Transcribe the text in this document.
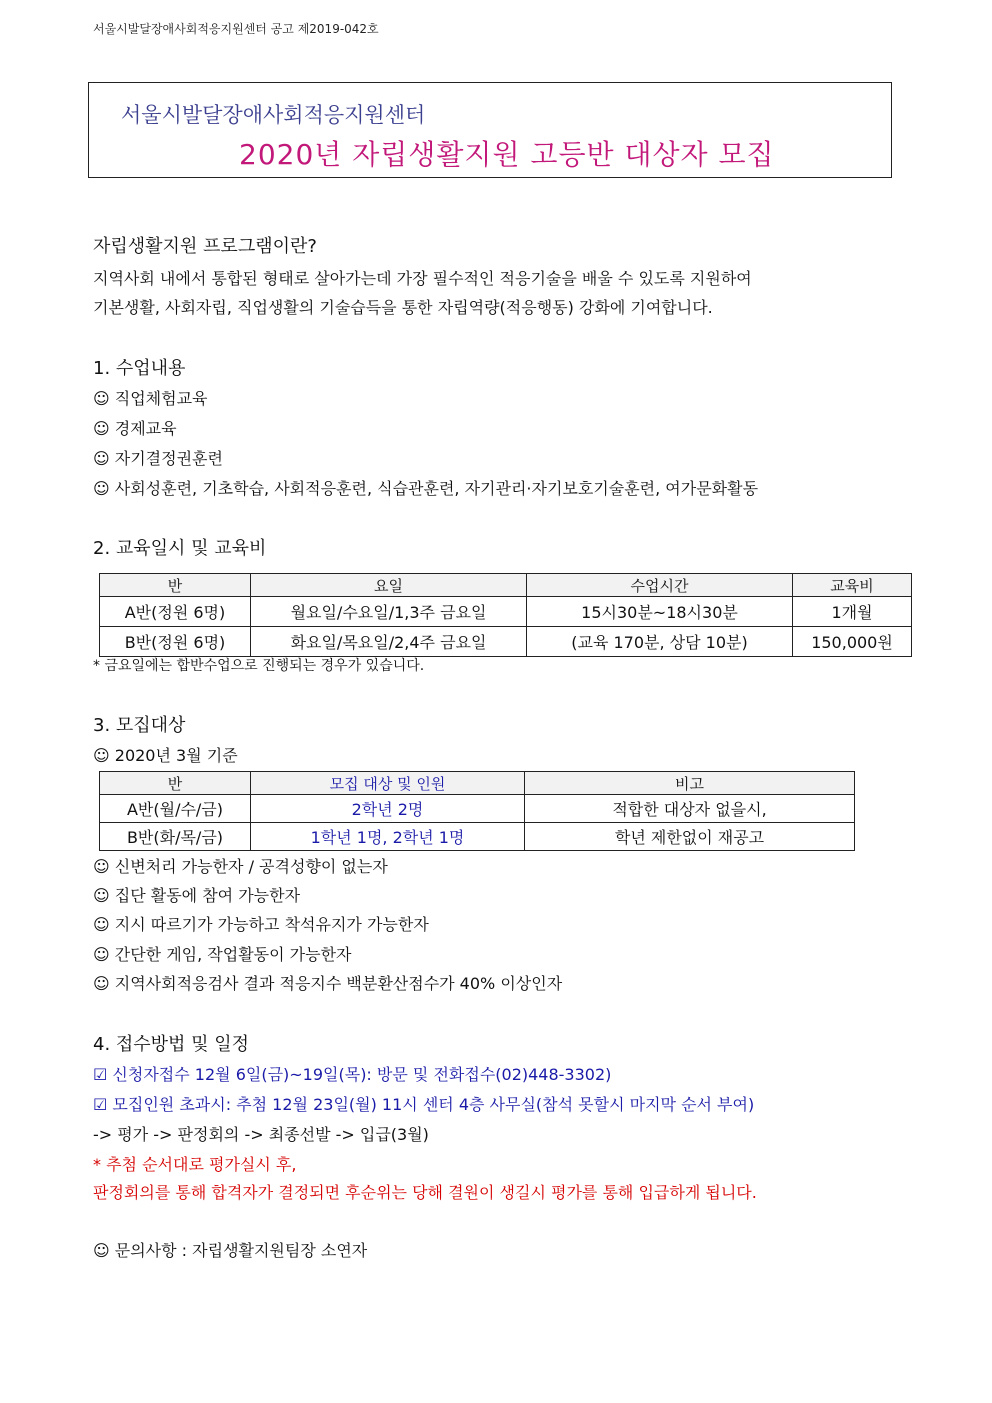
서울시발달장애사회적응지원센터 공고 제2019-042호
서울시발달장애사회적응지원센터
2020년 자립생활지원 고등반 대상자 모집
자립생활지원 프로그램이란?
지역사회 내에서 통합된 형태로 살아가는데 가장 필수적인 적응기술을 배울 수 있도록 지원하여
기본생활, 사회자립, 직업생활의 기술습득을 통한 자립역량(적응행동) 강화에 기여합니다.
1. 수업내용
☺ 직업체험교육
☺ 경제교육
☺ 자기결정권훈련
☺ 사회성훈련, 기초학습, 사회적응훈련, 식습관훈련, 자기관리·자기보호기술훈련, 여가문화활동
2. 교육일시 및 교육비
반	요일	수업시간	교육비
A반(정원 6명)	월요일/수요일/1,3주 금요일	15시30분~18시30분	1개월
B반(정원 6명)	화요일/목요일/2,4주 금요일	(교육 170분, 상담 10분)	150,000원
* 금요일에는 합반수업으로 진행되는 경우가 있습니다.
3. 모집대상
☺ 2020년 3월 기준
반	모집 대상 및 인원	비고
A반(월/수/금)	2학년 2명	적합한 대상자 없을시,
B반(화/목/금)	1학년 1명, 2학년 1명	학년 제한없이 재공고
☺ 신변처리 가능한자 / 공격성향이 없는자
☺ 집단 활동에 참여 가능한자
☺ 지시 따르기가 가능하고 착석유지가 가능한자
☺ 간단한 게임, 작업활동이 가능한자
☺ 지역사회적응검사 결과 적응지수 백분환산점수가 40% 이상인자
4. 접수방법 및 일정
☑ 신청자접수 12월 6일(금)~19일(목): 방문 및 전화접수(02)448-3302)
☑ 모집인원 초과시: 추첨 12월 23일(월) 11시 센터 4층 사무실(참석 못할시 마지막 순서 부여)
-> 평가 -> 판정회의 -> 최종선발 -> 입급(3월)
* 추첨 순서대로 평가실시 후,
판정회의를 통해 합격자가 결정되면 후순위는 당해 결원이 생길시 평가를 통해 입급하게 됩니다.
☺ 문의사항 : 자립생활지원팀장 소연자
